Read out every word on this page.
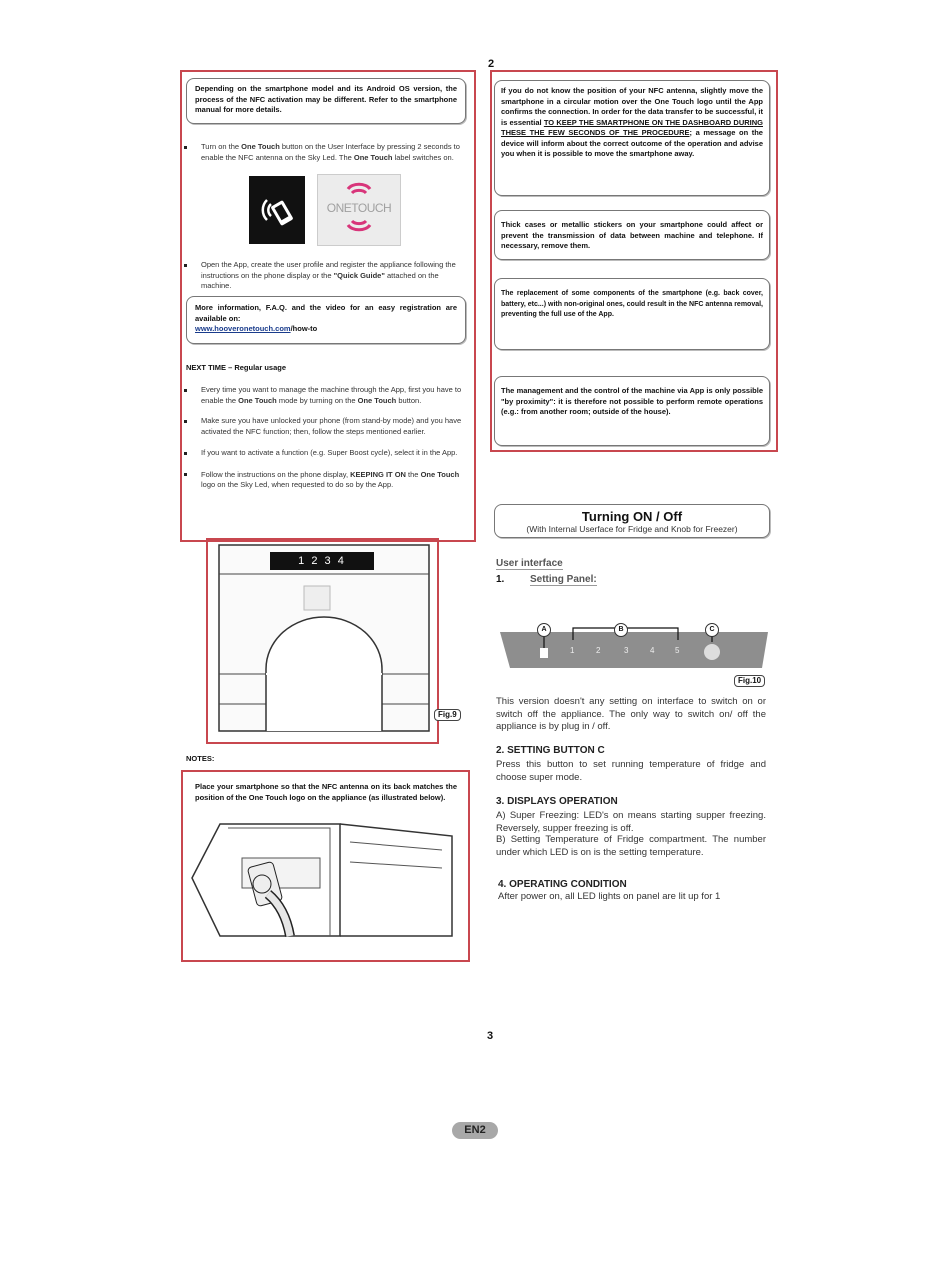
2

Depending on the smartphone model and its Android OS version, the process of the NFC activation may be different. Refer to the smartphone manual for more details.

Turn on the One Touch button on the User Interface by pressing 2 seconds to enable the NFC antenna on the Sky Led. The One Touch label switches on.
ONETOUCH
Open the App, create the user profile and register the appliance following the instructions on the phone display or the "Quick Guide" attached on the machine.

More information, F.A.Q. and the video for an easy registration are available on:

www.hooveronetouch.com/how-to

NEXT TIME – Regular usage
Every time you want to manage the machine through the App, first you have to enable the One Touch mode by turning on the One Touch button.
Make sure you have unlocked your phone (from stand-by mode) and you have activated the NFC function; then, follow the steps mentioned earlier.
If you want to activate a function (e.g. Super Boost cycle), select it in the App.
Follow the instructions on the phone display, KEEPING IT ON the One Touch logo on the Sky Led, when requested to do so by the App.
1 2 3 4
Fig.9
NOTES:
Place your smartphone so that the NFC antenna on its back matches the position of the One Touch logo on the appliance (as illustrated below).

If you do not know the position of your NFC antenna, slightly move the smartphone in a circular motion over the One Touch logo until the App confirms the connection. In order for the data transfer to be successful, it is essential TO KEEP THE SMARTPHONE ON THE DASHBOARD DURING THESE THE FEW SECONDS OF THE PROCEDURE; a message on the device will inform about the correct outcome of the operation and advise you when it is possible to move the smartphone away.

Thick cases or metallic stickers on your smartphone could affect or prevent the transmission of data between machine and telephone. If necessary, remove them.

The replacement of some components of the smartphone (e.g. back cover, battery, etc...) with non-original ones, could result in the NFC antenna removal, preventing the full use of the App.

The management and the control of the machine via App is only possible "by proximity": it is therefore not possible to perform remote operations (e.g.: from another room; outside of the house).

Turning ON / Off
(With Internal Userface for Fridge and Knob for Freezer)
User interface
1.	Setting Panel:
1	2	3	4	5
A	B	C
Fig.10
This version doesn't any setting on interface to switch on or switch off the appliance. The only way to switch on/ off the appliance is by plug in / off.
2. SETTING BUTTON C
Press this button to set running temperature of fridge and choose super mode.
3. DISPLAYS OPERATION
A) Super Freezing: LED's on means starting supper freezing. Reversely, supper freezing is off.
B) Setting Temperature of Fridge compartment. The number under which LED is on is the setting temperature.
4. OPERATING CONDITION
After power on, all LED lights on panel are lit up for 1
3
EN2
